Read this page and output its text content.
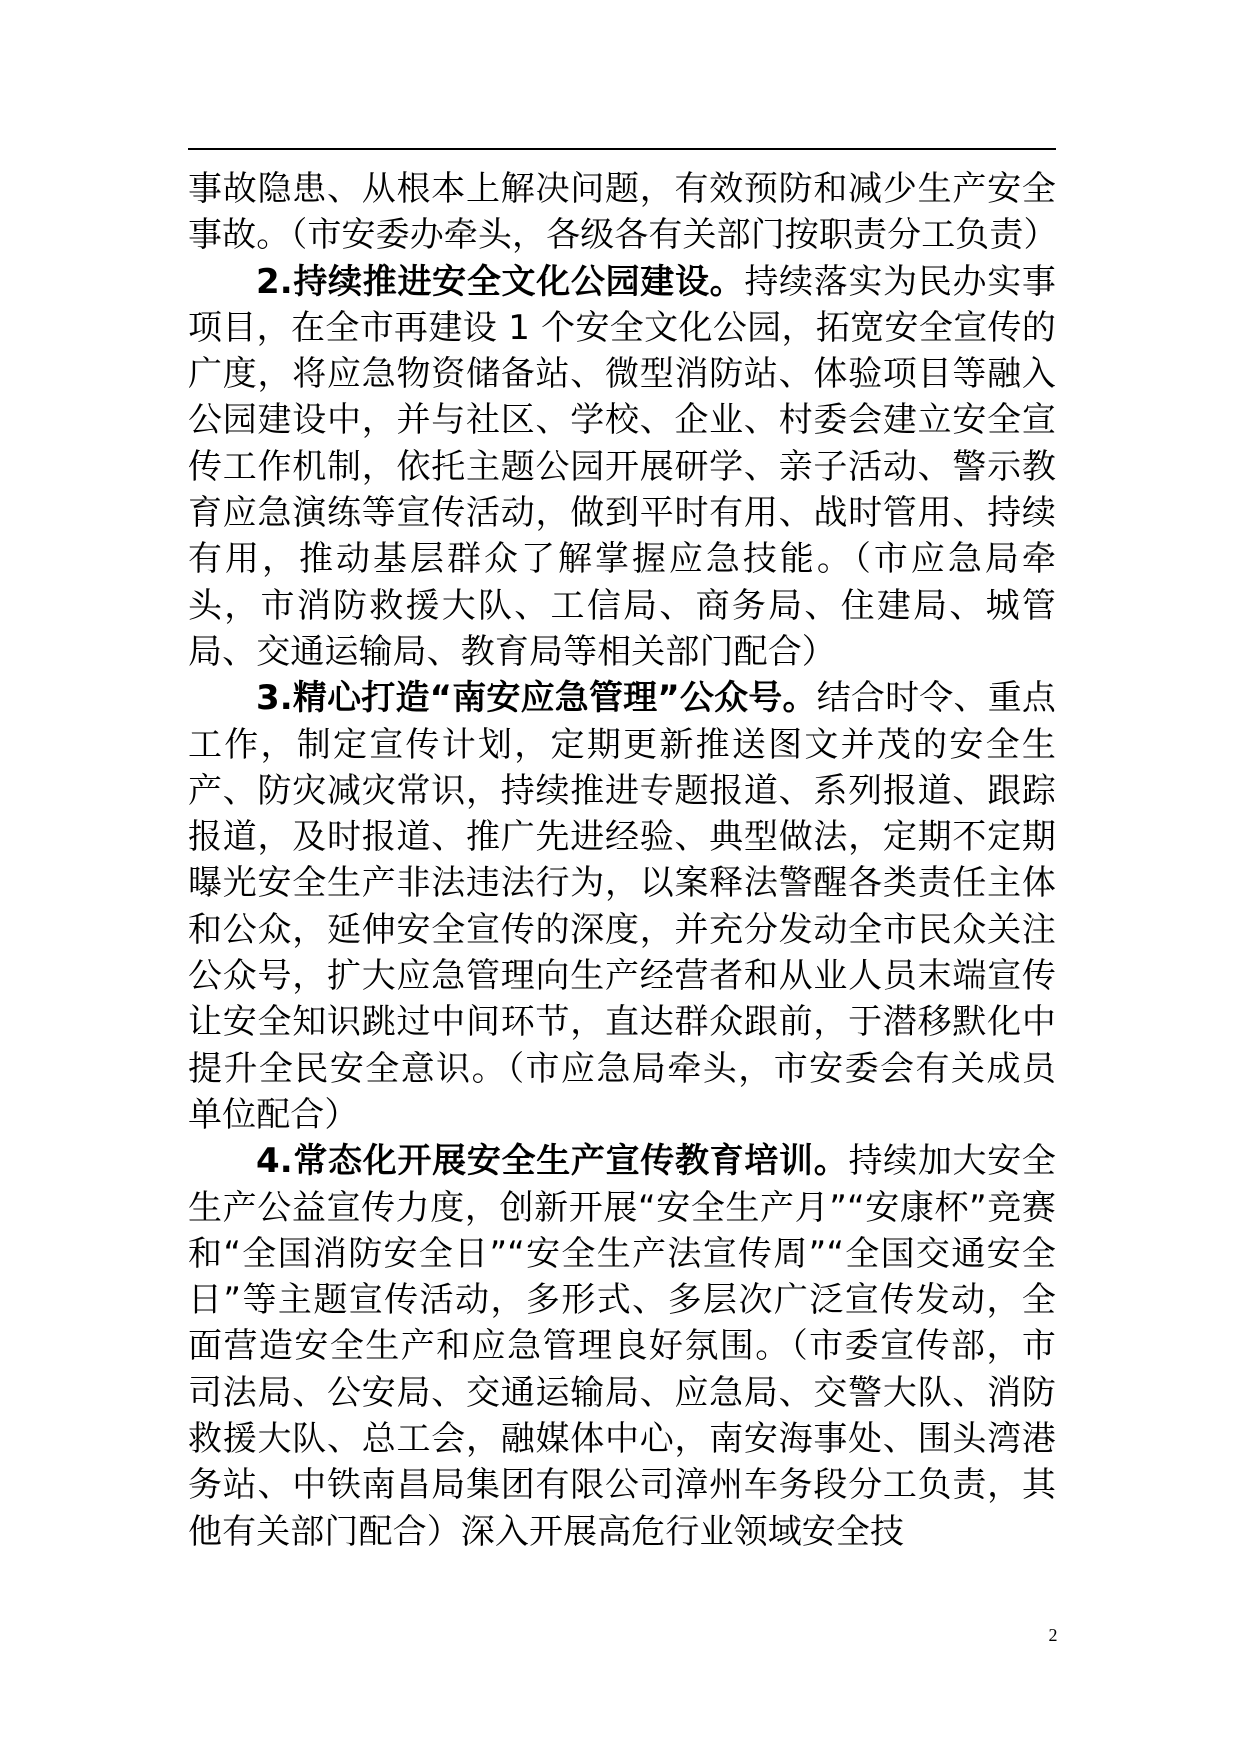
事故隐患、从根本上解决问题，有效预防和减少生产安全事故。（市安委办牵头，各级各有关部门按职责分工负责）

2.持续推进安全文化公园建设。持续落实为民办实事项目，在全市再建设 1 个安全文化公园，拓宽安全宣传的广度，将应急物资储备站、微型消防站、体验项目等融入公园建设中，并与社区、学校、企业、村委会建立安全宣传工作机制，依托主题公园开展研学、亲子活动、警示教育应急演练等宣传活动，做到平时有用、战时管用、持续有用，推动基层群众了解掌握应急技能。（市应急局牵头，市消防救援大队、工信局、商务局、住建局、城管局、交通运输局、教育局等相关部门配合）

3.精心打造“南安应急管理”公众号。结合时令、重点工作，制定宣传计划，定期更新推送图文并茂的安全生产、防灾减灾常识，持续推进专题报道、系列报道、跟踪报道，及时报道、推广先进经验、典型做法，定期不定期曝光安全生产非法违法行为，以案释法警醒各类责任主体和公众，延伸安全宣传的深度，并充分发动全市民众关注公众号，扩大应急管理向生产经营者和从业人员末端宣传让安全知识跳过中间环节，直达群众跟前，于潜移默化中提升全民安全意识。（市应急局牵头，市安委会有关成员单位配合）

4.常态化开展安全生产宣传教育培训。持续加大安全生产公益宣传力度，创新开展“安全生产月”“安康杯”竞赛和“全国消防安全日”“安全生产法宣传周”“全国交通安全日”等主题宣传活动，多形式、多层次广泛宣传发动，全面营造安全生产和应急管理良好氛围。（市委宣传部，市司法局、公安局、交通运输局、应急局、交警大队、消防救援大队、总工会，融媒体中心，南安海事处、围头湾港务站、中铁南昌局集团有限公司漳州车务段分工负责，其他有关部门配合）深入开展高危行业领域安全技

2
